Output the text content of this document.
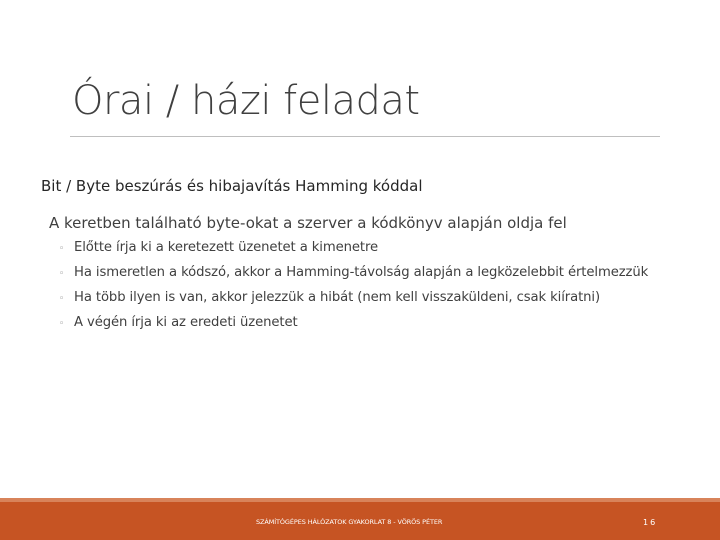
Órai / házi feladat
Bit / Byte beszúrás és hibajavítás Hamming kóddal
A keretben található byte-okat a szerver a kódkönyv alapján oldja fel
◦ Előtte írja ki a keretezett üzenetet a kimenetre
◦ Ha ismeretlen a kódszó, akkor a Hamming-távolság alapján a legközelebbit értelmezzük
◦ Ha több ilyen is van, akkor jelezzük a hibát (nem kell visszaküldeni, csak kiíratni)
◦ A végén írja ki az eredeti üzenetet
SZÁMÍTÓGÉPES HÁLÓZATOK GYAKORLAT 8 - VÖRÖS PÉTER	16
